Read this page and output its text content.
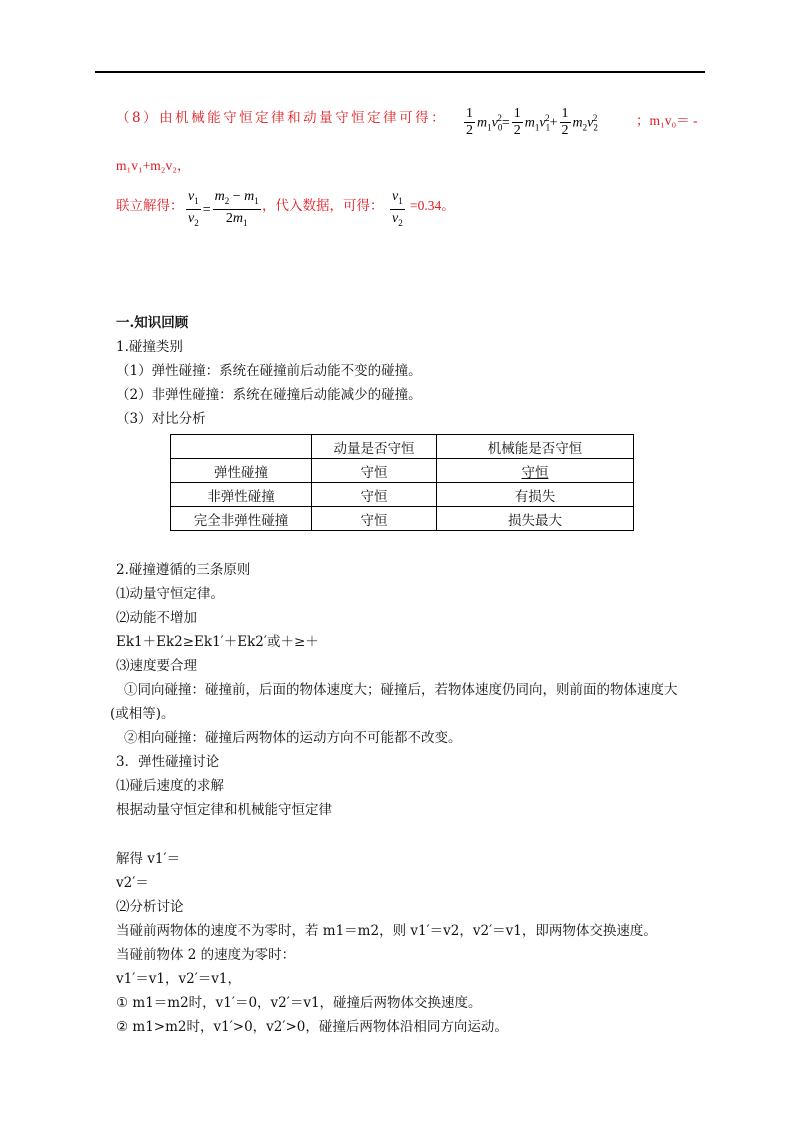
（8）由机械能守恒定律和动量守恒定律可得： $\frac{1}{2} m_1v_0^2= \frac{1}{2} m_1v_1^2+ \frac{1}{2} m_2v_2^2$	；m₁v₀＝ -
m₁v₁+m₂v₂，
联立解得： $\frac{v_1}{v_2} = \frac{m_2 - m_1}{2m_1}$ ，代入数据，可得： $\frac{v_1}{v_2} =0.34$。
一.知识回顾
1.碰撞类别
（1）弹性碰撞：系统在碰撞前后动能不变的碰撞。
（2）非弹性碰撞：系统在碰撞后动能减少的碰撞。
（3）对比分析
	动量是否守恒	机械能是否守恒
弹性碰撞	守恒	守恒
非弹性碰撞	守恒	有损失
完全非弹性碰撞	守恒	损失最大
2.碰撞遵循的三条原则
⑴动量守恒定律。
⑵动能不增加
Ek1＋Ek2≥Ek1′＋Ek2′或＋≥＋
⑶速度要合理
①同向碰撞：碰撞前，后面的物体速度大；碰撞后，若物体速度仍同向，则前面的物体速度大
(或相等)。
②相向碰撞：碰撞后两物体的运动方向不可能都不改变。
3．弹性碰撞讨论
⑴碰后速度的求解
根据动量守恒定律和机械能守恒定律
解得 v1′＝
v2′＝
⑵分析讨论
当碰前两物体的速度不为零时，若 m1＝m2，则 v1′＝v2，v2′＝v1，即两物体交换速度。
当碰前物体 2 的速度为零时：
v1′＝v1，v2′＝v1，
① m1＝m2时，v1′＝0，v2′＝v1，碰撞后两物体交换速度。
② m1>m2时，v1′>0，v2′>0，碰撞后两物体沿相同方向运动。
